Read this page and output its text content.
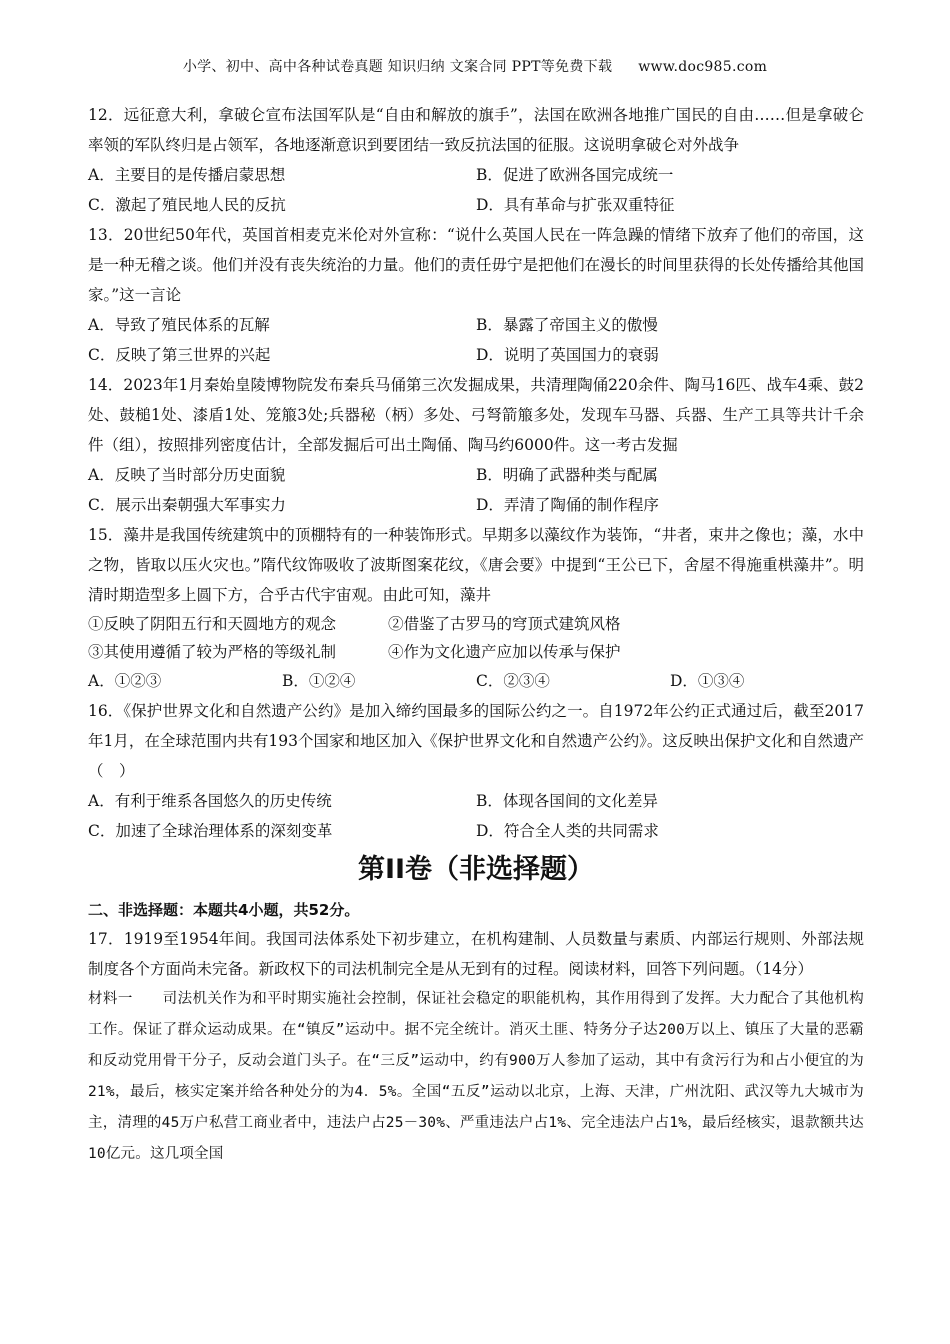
小学、初中、高中各种试卷真题 知识归纳 文案合同 PPT等免费下载 www.doc985.com

12．远征意大利，拿破仑宣布法国军队是“自由和解放的旗手”，法国在欧洲各地推广国民的自由……但是拿破仑率领的军队终归是占领军，各地逐渐意识到要团结一致反抗法国的征服。这说明拿破仑对外战争

A．主要目的是传播启蒙思想	B．促进了欧洲各国完成统一
C．激起了殖民地人民的反抗	D．具有革命与扩张双重特征

13．20世纪50年代，英国首相麦克米伦对外宣称：“说什么英国人民在一阵急躁的情绪下放弃了他们的帝国，这是一种无稽之谈。他们并没有丧失统治的力量。他们的责任毋宁是把他们在漫长的时间里获得的长处传播给其他国家。”这一言论

A．导致了殖民体系的瓦解	B．暴露了帝国主义的傲慢
C．反映了第三世界的兴起	D．说明了英国国力的衰弱

14．2023年1月秦始皇陵博物院发布秦兵马俑第三次发掘成果，共清理陶俑220余件、陶马16匹、战车4乘、鼓2处、鼓槌1处、漆盾1处、笼箙3处;兵器秘（柄）多处、弓弩箭箙多处，发现车马器、兵器、生产工具等共计千余件（组），按照排列密度估计，全部发掘后可出土陶俑、陶马约6000件。这一考古发掘

A．反映了当时部分历史面貌	B．明确了武器种类与配属
C．展示出秦朝强大军事实力	D．弄清了陶俑的制作程序

15．藻井是我国传统建筑中的顶棚特有的一种装饰形式。早期多以藻纹作为装饰，“井者，束井之像也；藻，水中之物，皆取以压火灾也。”隋代纹饰吸收了波斯图案花纹，《唐会要》中提到“王公已下，舍屋不得施重栱藻井”。明清时期造型多上圆下方，合乎古代宇宙观。由此可知，藻井

①反映了阴阳五行和天圆地方的观念	②借鉴了古罗马的穹顶式建筑风格
③其使用遵循了较为严格的等级礼制	④作为文化遗产应加以传承与保护
A．①②③	B．①②④	C．②③④	D．①③④

16．《保护世界文化和自然遗产公约》是加入缔约国最多的国际公约之一。自1972年公约正式通过后，截至2017年1月，在全球范围内共有193个国家和地区加入《保护世界文化和自然遗产公约》。这反映出保护文化和自然遗产（　）

A．有利于维系各国悠久的历史传统	B．体现各国间的文化差异
C．加速了全球治理体系的深刻变革	D．符合全人类的共同需求
第II卷（非选择题）
二、非选择题：本题共4小题，共52分。

17．1919至1954年间。我国司法体系处下初步建立，在机构建制、人员数量与素质、内部运行规则、外部法规制度各个方面尚未完备。新政权下的司法机制完全是从无到有的过程。阅读材料，回答下列问题。（14分）

材料一　　司法机关作为和平时期实施社会控制，保证社会稳定的职能机构，其作用得到了发挥。大力配合了其他机构工作。保证了群众运动成果。在“镇反”运动中。据不完全统计。消灭土匪、特务分子达200万以上、镇压了大量的恶霸和反动党用骨干分子，反动会道门头子。在“三反”运动中，约有900万人参加了运动，其中有贪污行为和占小便宜的为21%，最后，核实定案并给各种处分的为4．5%。全国“五反”运动以北京，上海、天津，广州沈阳、武汉等九大城市为主，清理的45万户私营工商业者中，违法户占25－30%、严重违法户占1%、完全违法户占1%，最后经核实，退款额共达10亿元。这几项全国
